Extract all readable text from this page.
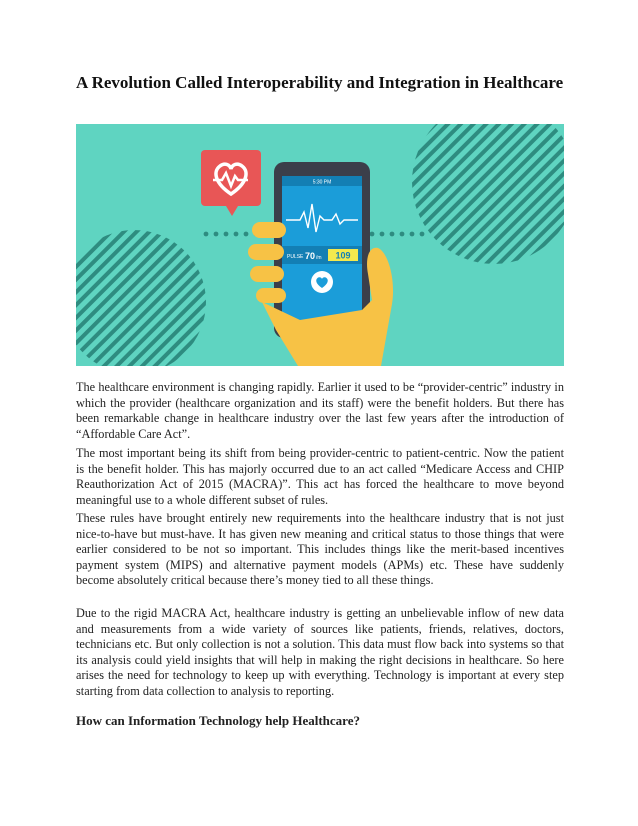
A Revolution Called Interoperability and Integration in Healthcare
5:30 PM
PULSE 70 /m 109

The healthcare environment is changing rapidly. Earlier it used to be “provider-centric” industry in which the provider (healthcare organization and its staff) were the benefit holders. But there has been remarkable change in healthcare industry over the last few years after the introduction of “Affordable Care Act”.

The most important being its shift from being provider-centric to patient-centric. Now the patient is the benefit holder. This has majorly occurred due to an act called “Medicare Access and CHIP Reauthorization Act of 2015 (MACRA)”. This act has forced the healthcare to move beyond meaningful use to a whole different subset of rules.

These rules have brought entirely new requirements into the healthcare industry that is not just nice-to-have but must-have. It has given new meaning and critical status to those things that were earlier considered to be not so important. This includes things like the merit-based incentives payment system (MIPS) and alternative payment models (APMs) etc. These have suddenly become absolutely critical because there’s money tied to all these things.

Due to the rigid MACRA Act, healthcare industry is getting an unbelievable inflow of new data and measurements from a wide variety of sources like patients, friends, relatives, doctors, technicians etc. But only collection is not a solution. This data must flow back into systems so that its analysis could yield insights that will help in making the right decisions in healthcare. So here arises the need for technology to keep up with everything. Technology is important at every step starting from data collection to analysis to reporting.

How can Information Technology help Healthcare?
